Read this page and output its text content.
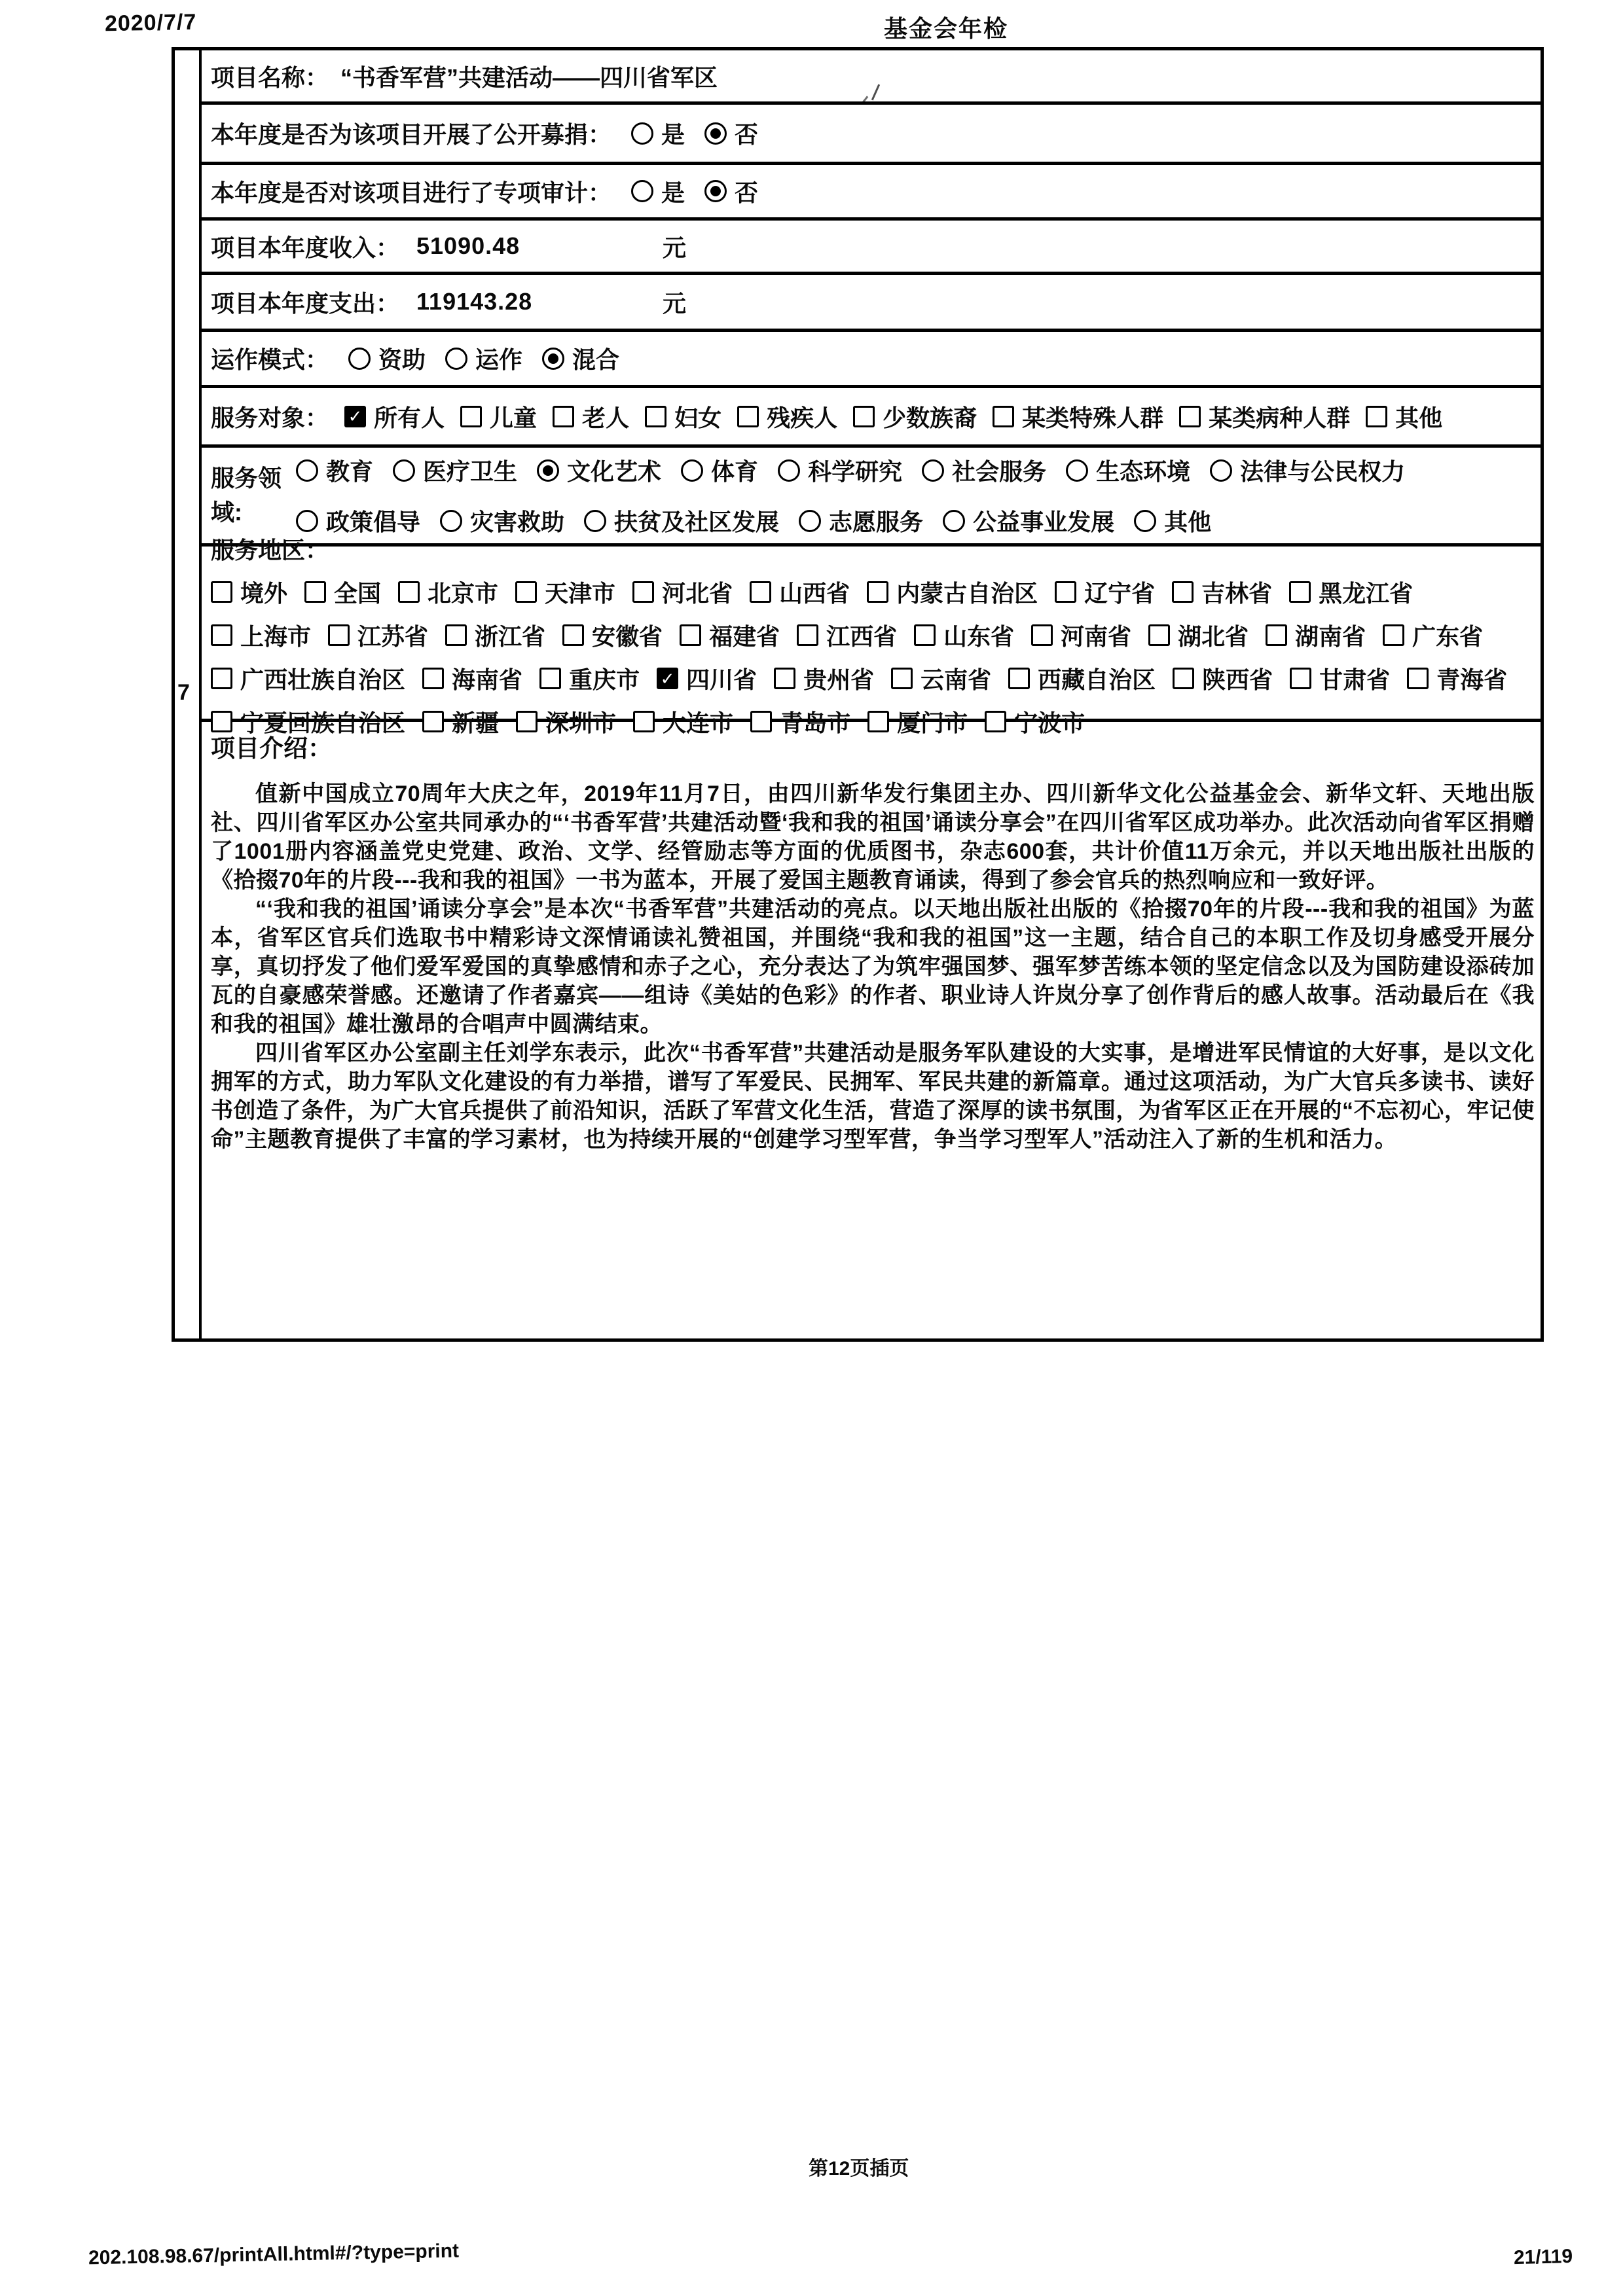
2020/7/7	基金会年检
7
项目名称： “书香军营”共建活动——四川省军区
本年度是否为该项目开展了公开募捐： 是 否
本年度是否对该项目进行了专项审计： 是 否
项目本年度收入： 51090.48	元
项目本年度支出： 119143.28	元
运作模式： 资助 运作 混合
服务对象： ✓ 所有人 儿童 老人 妇女 残疾人 少数族裔 某类特殊人群 某类病种人群 其他
服务领域:
教育 医疗卫生 文化艺术 体育 科学研究 社会服务 生态环境 法律与公民权力
政策倡导 灾害救助 扶贫及社区发展 志愿服务 公益事业发展 其他
服务地区：
境外 全国 北京市 天津市 河北省 山西省 内蒙古自治区 辽宁省 吉林省 黑龙江省
上海市 江苏省 浙江省 安徽省 福建省 江西省 山东省 河南省 湖北省 湖南省 广东省
广西壮族自治区 海南省 重庆市 ✓ 四川省 贵州省 云南省 西藏自治区 陕西省 甘肃省 青海省
宁夏回族自治区 新疆 深圳市 大连市 青岛市 厦门市 宁波市
项目介绍：

值新中国成立70周年大庆之年，2019年11月7日，由四川新华发行集团主办、四川新华文化公益基金会、新华文轩、天地出版社、四川省军区办公室共同承办的“‘书香军营’共建活动暨‘我和我的祖国’诵读分享会”在四川省军区成功举办。此次活动向省军区捐赠了1001册内容涵盖党史党建、政治、文学、经管励志等方面的优质图书，杂志600套，共计价值11万余元，并以天地出版社出版的《拾掇70年的片段---我和我的祖国》一书为蓝本，开展了爱国主题教育诵读，得到了参会官兵的热烈响应和一致好评。

“‘我和我的祖国’诵读分享会”是本次“书香军营”共建活动的亮点。以天地出版社出版的《拾掇70年的片段---我和我的祖国》为蓝本，省军区官兵们选取书中精彩诗文深情诵读礼赞祖国，并围绕“我和我的祖国”这一主题，结合自己的本职工作及切身感受开展分享，真切抒发了他们爱军爱国的真挚感情和赤子之心，充分表达了为筑牢强国梦、强军梦苦练本领的坚定信念以及为国防建设添砖加瓦的自豪感荣誉感。还邀请了作者嘉宾——组诗《美姑的色彩》的作者、职业诗人许岚分享了创作背后的感人故事。活动最后在《我和我的祖国》雄壮激昂的合唱声中圆满结束。

四川省军区办公室副主任刘学东表示，此次“书香军营”共建活动是服务军队建设的大实事，是增进军民情谊的大好事，是以文化拥军的方式，助力军队文化建设的有力举措，谱写了军爱民、民拥军、军民共建的新篇章。通过这项活动，为广大官兵多读书、读好书创造了条件，为广大官兵提供了前沿知识，活跃了军营文化生活，营造了深厚的读书氛围，为省军区正在开展的“不忘初心，牢记使命”主题教育提供了丰富的学习素材，也为持续开展的“创建学习型军营，争当学习型军人”活动注入了新的生机和活力。

第12页插页
202.108.98.67/printAll.html#/?type=print	21/119
